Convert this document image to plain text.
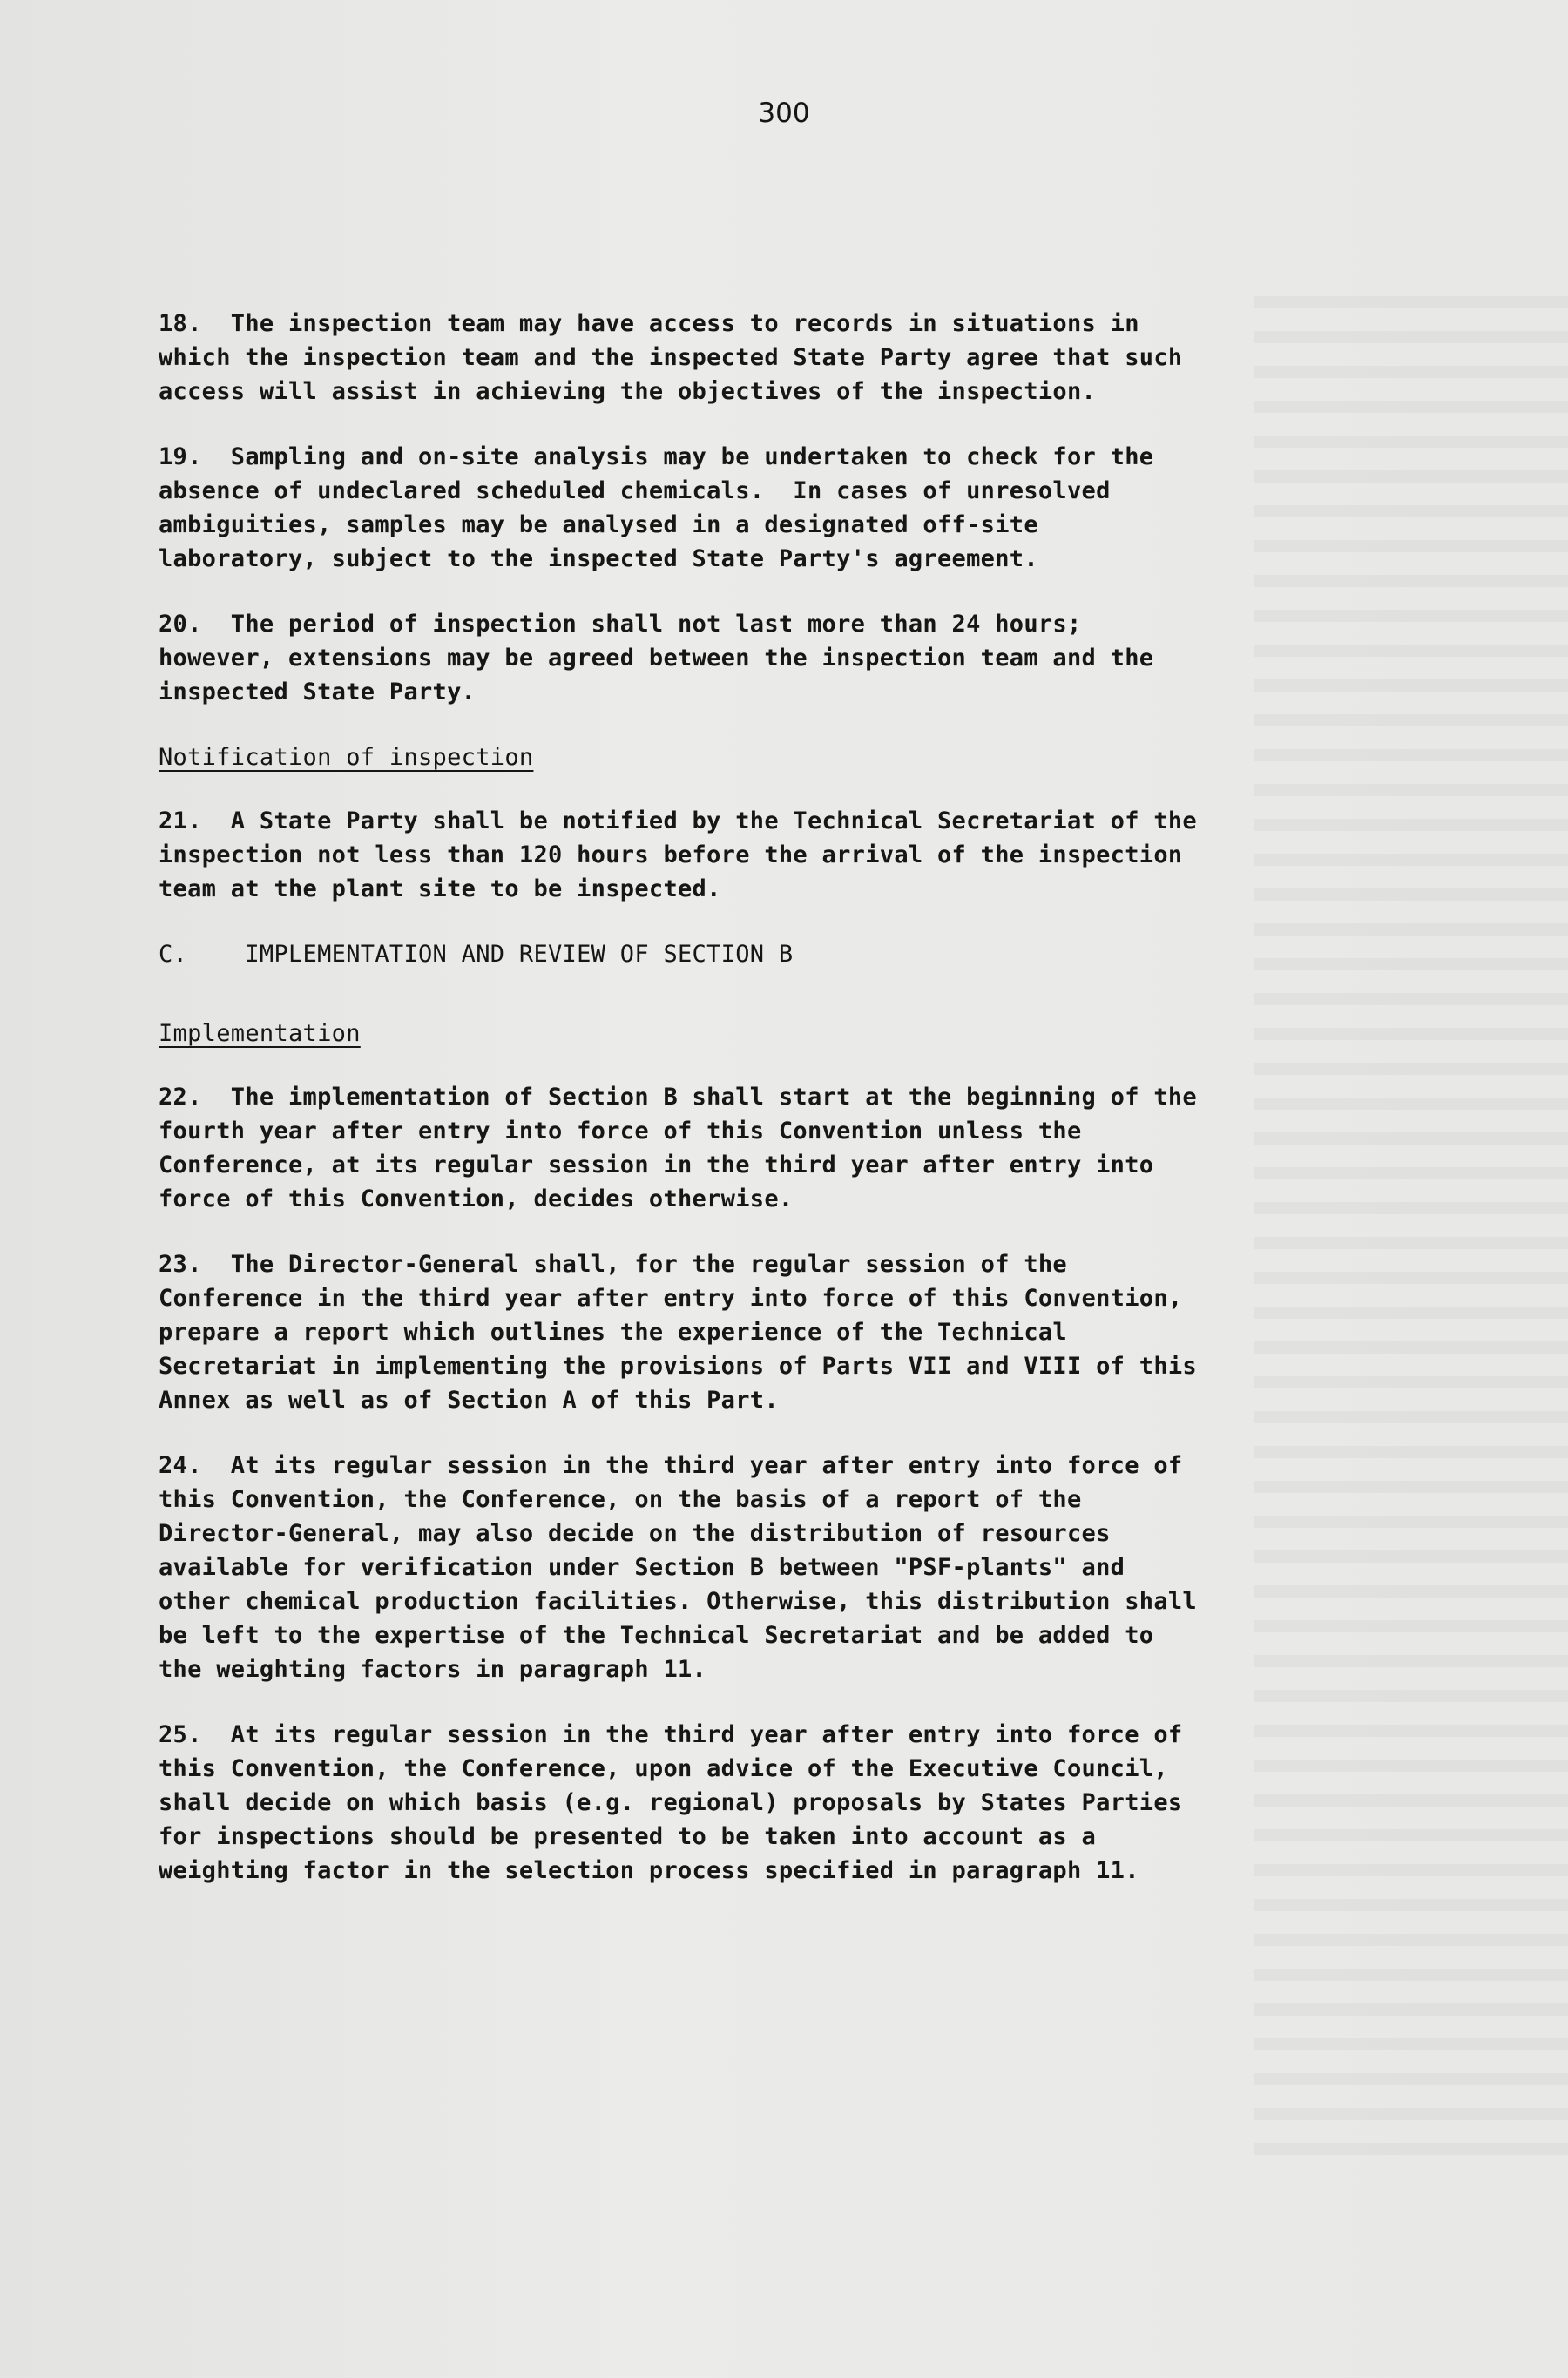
300
18.  The inspection team may have access to records in situations in
which the inspection team and the inspected State Party agree that such
access will assist in achieving the objectives of the inspection.
19.  Sampling and on-site analysis may be undertaken to check for the
absence of undeclared scheduled chemicals.  In cases of unresolved
ambiguities, samples may be analysed in a designated off-site
laboratory, subject to the inspected State Party's agreement.
20.  The period of inspection shall not last more than 24 hours;
however, extensions may be agreed between the inspection team and the
inspected State Party.
Notification of inspection
21.  A State Party shall be notified by the Technical Secretariat of the
inspection not less than 120 hours before the arrival of the inspection
team at the plant site to be inspected.
C.    IMPLEMENTATION AND REVIEW OF SECTION B
Implementation
22.  The implementation of Section B shall start at the beginning of the
fourth year after entry into force of this Convention unless the
Conference, at its regular session in the third year after entry into
force of this Convention, decides otherwise.
23.  The Director-General shall, for the regular session of the
Conference in the third year after entry into force of this Convention,
prepare a report which outlines the experience of the Technical
Secretariat in implementing the provisions of Parts VII and VIII of this
Annex as well as of Section A of this Part.
24.  At its regular session in the third year after entry into force of
this Convention, the Conference, on the basis of a report of the
Director-General, may also decide on the distribution of resources
available for verification under Section B between "PSF-plants" and
other chemical production facilities. Otherwise, this distribution shall
be left to the expertise of the Technical Secretariat and be added to
the weighting factors in paragraph 11.
25.  At its regular session in the third year after entry into force of
this Convention, the Conference, upon advice of the Executive Council,
shall decide on which basis (e.g. regional) proposals by States Parties
for inspections should be presented to be taken into account as a
weighting factor in the selection process specified in paragraph 11.
